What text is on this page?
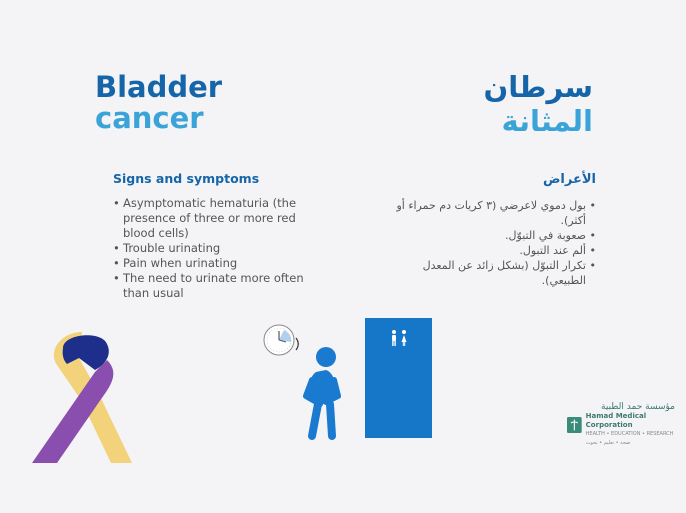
Bladder
cancer
سرطان
المثانة
Signs and symptoms
• Asymptomatic hematuria (the presence of three or more red blood cells)
• Trouble urinating
• Pain when urinating
• The need to urinate more often than usual
الأعراض
• بول دموي لاعرضي (٣ كريات دم حمراء أو أكثر).
• صعوبة في التبوّل.
• ألم عند التبول.
• تكرار التبوّل (بشكل زائد عن المعدل الطبيعي).
مؤسسة حمد الطبية
Hamad Medical Corporation
HEALTH • EDUCATION • RESEARCH صحة • تعليم • بحوث
